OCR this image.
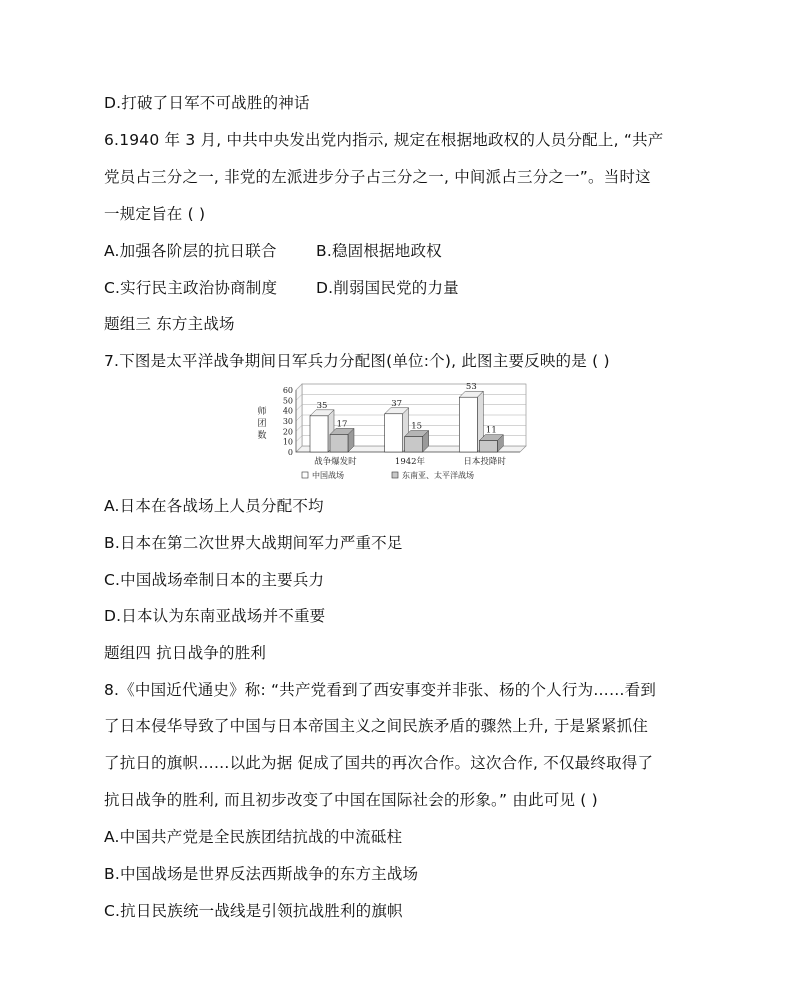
D.打破了日军不可战胜的神话
6.1940 年 3 月, 中共中央发出党内指示, 规定在根据地政权的人员分配上, “共产
党员占三分之一, 非党的左派进步分子占三分之一, 中间派占三分之一”。当时这
一规定旨在 ( )
A.加强各阶层的抗日联合	B.稳固根据地政权
C.实行民主政治协商制度	D.削弱国民党的力量
题组三 东方主战场
7.下图是太平洋战争期间日军兵力分配图(单位:个), 此图主要反映的是 ( )
0
10
20
30
40
50
60
师
团
数
35
17
战争爆发时
37
15
1942年
53
11
日本投降时
中国战场	东南亚、太平洋战场
A.日本在各战场上人员分配不均
B.日本在第二次世界大战期间军力严重不足
C.中国战场牵制日本的主要兵力
D.日本认为东南亚战场并不重要
题组四 抗日战争的胜利
8.《中国近代通史》称: “共产党看到了西安事变并非张、杨的个人行为……看到
了日本侵华导致了中国与日本帝国主义之间民族矛盾的骤然上升, 于是紧紧抓住
了抗日的旗帜……以此为据 促成了国共的再次合作。这次合作, 不仅最终取得了
抗日战争的胜利, 而且初步改变了中国在国际社会的形象。” 由此可见 ( )
A.中国共产党是全民族团结抗战的中流砥柱
B.中国战场是世界反法西斯战争的东方主战场
C.抗日民族统一战线是引领抗战胜利的旗帜
